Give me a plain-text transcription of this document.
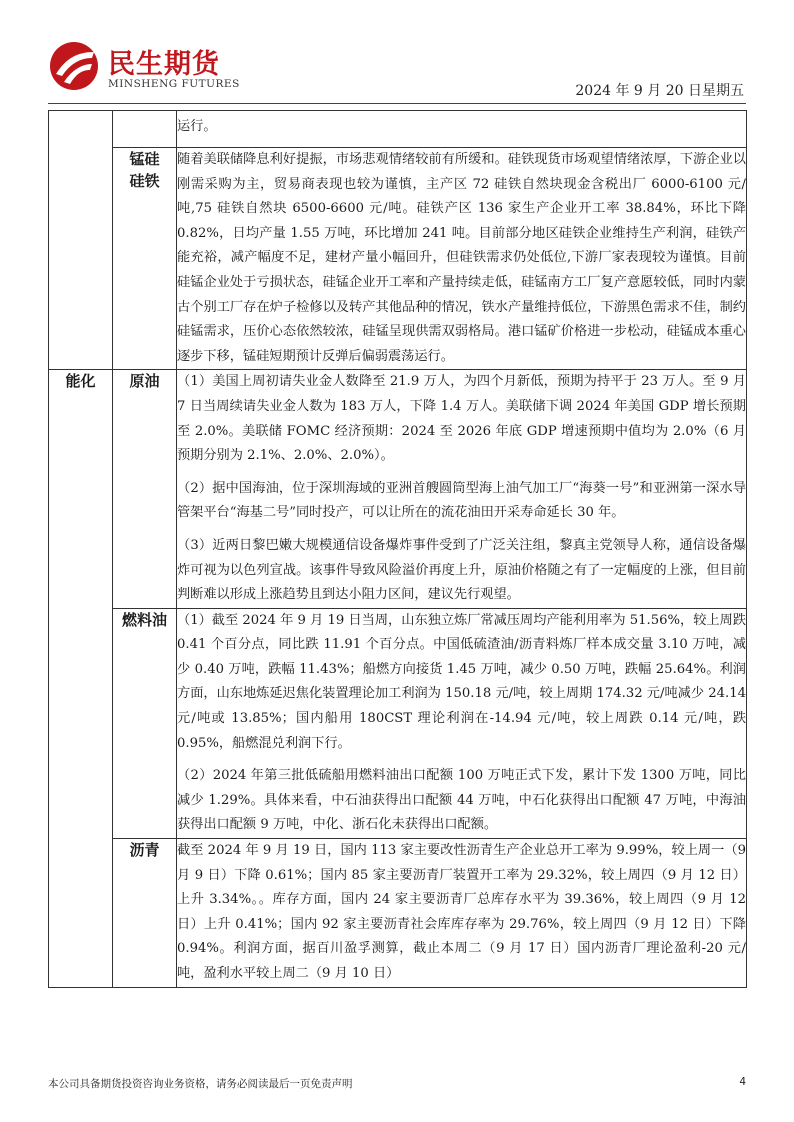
民生期货
MINSHENG FUTURES	2024 年 9 月 20 日星期五

		运行。

	锰硅
硅铁	随着美联储降息利好提振，市场悲观情绪较前有所缓和。硅铁现货市场观望情绪浓厚，下游企业以刚需采购为主，贸易商表现也较为谨慎，主产区 72 硅铁自然块现金含税出厂 6000-6100 元/吨,75 硅铁自然块 6500-6600 元/吨。硅铁产区 136 家生产企业开工率 38.84%，环比下降 0.82%，日均产量 1.55 万吨，环比增加 241 吨。目前部分地区硅铁企业维持生产利润，硅铁产能充裕，减产幅度不足，建材产量小幅回升，但硅铁需求仍处低位,下游厂家表现较为谨慎。目前硅锰企业处于亏损状态，硅锰企业开工率和产量持续走低，硅锰南方工厂复产意愿较低，同时内蒙古个别工厂存在炉子检修以及转产其他品种的情况，铁水产量维持低位，下游黑色需求不佳，制约硅锰需求，压价心态依然较浓，硅锰呈现供需双弱格局。港口锰矿价格进一步松动，硅锰成本重心逐步下移，锰硅短期预计反弹后偏弱震荡运行。

能化	原油	（1）美国上周初请失业金人数降至 21.9 万人，为四个月新低，预期为持平于 23 万人。至 9 月 7 日当周续请失业金人数为 183 万人，下降 1.4 万人。美联储下调 2024 年美国 GDP 增长预期至 2.0%。美联储 FOMC 经济预期：2024 至 2026 年底 GDP 增速预期中值均为 2.0%（6 月预期分别为 2.1%、2.0%、2.0%）。

（2）据中国海油，位于深圳海域的亚洲首艘圆筒型海上油气加工厂“海葵一号”和亚洲第一深水导管架平台“海基二号”同时投产，可以让所在的流花油田开采寿命延长 30 年。

（3）近两日黎巴嫩大规模通信设备爆炸事件受到了广泛关注组，黎真主党领导人称，通信设备爆炸可视为以色列宣战。该事件导致风险溢价再度上升，原油价格随之有了一定幅度的上涨，但目前判断难以形成上涨趋势且到达小阻力区间，建议先行观望。

	燃料油	（1）截至 2024 年 9 月 19 日当周，山东独立炼厂常减压周均产能利用率为 51.56%，较上周跌 0.41 个百分点，同比跌 11.91 个百分点。中国低硫渣油/沥青料炼厂样本成交量 3.10 万吨，减少 0.40 万吨，跌幅 11.43%；船燃方向接货 1.45 万吨，减少 0.50 万吨，跌幅 25.64%。利润方面，山东地炼延迟焦化装置理论加工利润为 150.18 元/吨，较上周期 174.32 元/吨减少 24.14 元/吨或 13.85%；国内船用 180CST 理论利润在-14.94 元/吨，较上周跌 0.14 元/吨，跌 0.95%，船燃混兑利润下行。

（2）2024 年第三批低硫船用燃料油出口配额 100 万吨正式下发，累计下发 1300 万吨，同比减少 1.29%。具体来看，中石油获得出口配额 44 万吨，中石化获得出口配额 47 万吨，中海油获得出口配额 9 万吨，中化、浙石化未获得出口配额。

	沥青	截至 2024 年 9 月 19 日，国内 113 家主要改性沥青生产企业总开工率为 9.99%，较上周一（9 月 9 日）下降 0.61%；国内 85 家主要沥青厂装置开工率为 29.32%，较上周四（9 月 12 日）上升 3.34%。。库存方面，国内 24 家主要沥青厂总库存水平为 39.36%，较上周四（9 月 12 日）上升 0.41%；国内 92 家主要沥青社会库库存率为 29.76%，较上周四（9 月 12 日）下降 0.94%。利润方面，据百川盈孚测算，截止本周二（9 月 17 日）国内沥青厂理论盈利-20 元/吨，盈利水平较上周二（9 月 10 日）

本公司具备期货投资咨询业务资格，请务必阅读最后一页免责声明	4
